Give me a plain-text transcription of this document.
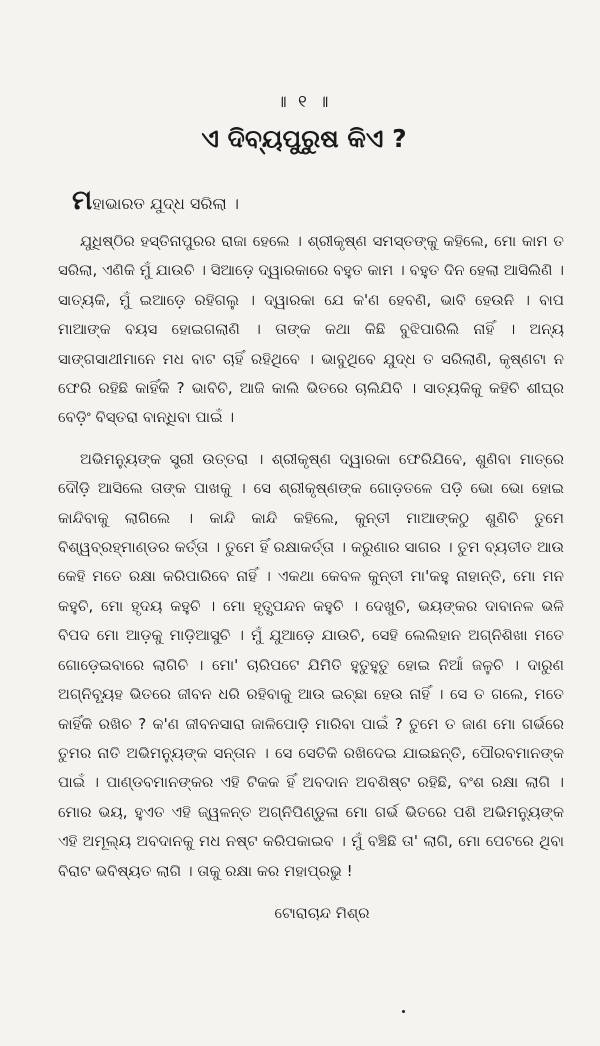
॥ ୧ ॥
ଏ ଦିବ୍ୟପୁରୁଷ କିଏ ?

ମହାଭାରତ ଯୁଦ୍ଧ ସରିଲା ।

ଯୁଧିଷ୍ଠିର ହସ୍ତିନାପୁରର ରାଜା ହେଲେ । ଶ୍ରୀକୃଷ୍ଣ ସମସ୍ତଙ୍କୁ କହିଲେ, ମୋ କାମ ତ ସରିଲା, ଏଣିକି ମୁଁ ଯାଉଚି । ସିଆଡ଼େ ଦ୍ୱାରକାରେ ବହୁତ କାମ । ବହୁତ ଦିନ ହେଲା ଆସିଲିଣି । ସାତ୍ୟକି, ମୁଁ ଇଆଡ଼େ ରହିଗଲୁ । ଦ୍ୱାରକା ଯେ କ'ଣ ହେବଣି, ଭାବି ହେଉନି । ବାପ ମାଆଙ୍କ ବୟସ ହୋଇଗଲାଣି । ତାଙ୍କ କଥା କିଛି ବୁଝିପାରିଲି ନାହିଁ । ଅନ୍ୟ ସାଙ୍ଗସାଥୀମାନେ ମଧ ବାଟ ଚାହିଁ ରହିଥିବେ । ଭାବୁଥିବେ ଯୁଦ୍ଧ ତ ସରିଲାଣି, କୃଷ୍ଣଟା ନ ଫେରି ରହିଛି କାହିଁକି ? ଭାବିଚି, ଆଜି କାଲି ଭିତରେ ଚାଲିଯିବି । ସାତ୍ୟକିକୁ କହିଚି ଶୀଘ୍ର ବେଡ଼ିଂ ବିସ୍ତରା ବାନ୍ଧିବା ପାଇଁ ।

ଅଭିମନ୍ୟୁଙ୍କ ସ୍ତ୍ରୀ ଉତ୍ତରା । ଶ୍ରୀକୃଷ୍ଣ ଦ୍ୱାରକା ଫେରିଯିବେ, ଶୁଣିବା ମାତ୍ରେ ଦୌଡ଼ି ଆସିଲେ ତାଙ୍କ ପାଖକୁ । ସେ ଶ୍ରୀକୃଷ୍ଣଙ୍କ ଗୋଡ଼ତଳେ ପଡ଼ି ଭୋ ଭୋ ହୋଇ କାନ୍ଦିବାକୁ ଲାଗିଲେ । କାନ୍ଦି କାନ୍ଦି କହିଲେ, କୁନ୍ତୀ ମାଆଙ୍କଠୁ ଶୁଣିଚି ତୁମେ ବିଶ୍ୱବ୍ରହ୍ମାଣ୍ଡର କର୍ତ୍ତା । ତୁମେ ହିଁ ରକ୍ଷାକର୍ତ୍ତା । କରୁଣାର ସାଗର । ତୁମ ବ୍ୟତୀତ ଆଉ କେହି ମତେ ରକ୍ଷା କରିପାରିବେ ନାହିଁ । ଏକଥା କେବଳ କୁନ୍ତୀ ମା'କହୁ ନାହାନ୍ତି, ମୋ ମନ କହୁଚି, ମୋ ହୃଦୟ କହୁଚି । ମୋ ହୃତ୍ସ୍ପନ୍ଦନ କହୁଚି । ଦେଖୁଚି, ଭୟଙ୍କର ଦାବାନଳ ଭଳି ବିପଦ ମୋ ଆଡ଼କୁ ମାଡ଼ିଆସୁଚି । ମୁଁ ଯୁଆଡ଼େ ଯାଉଚି, ସେହି ଲେଲିହାନ ଅଗ୍ନିଶିଖା ମତେ ଗୋଡ଼େଇବାରେ ଲାଗିଚି । ମୋ' ଚାରିପଟେ ଯିମିତି ହୁତୁହୁତୁ ହୋଇ ନିଆଁ ଜଳୁଚି । ଦାରୁଣ ଅଗ୍ନିବ୍ୟୂହ ଭିତରେ ଜୀବନ ଧରି ରହିବାକୁ ଆଉ ଇଚ୍ଛା ହେଉ ନାହିଁ । ସେ ତ ଗଲେ, ମତେ କାହିଁକି ରଖିଚ ? କ'ଣ ଜୀବନସାରା ଜାଳିପୋଡ଼ି ମାରିବା ପାଇଁ ? ତୁମେ ତ ଜାଣ ମୋ ଗର୍ଭରେ ତୁମର ନାତି ଅଭିମନ୍ୟୁଙ୍କ ସନ୍ତାନ । ସେ ସେତିକି ରଖିଦେଇ ଯାଇଛନ୍ତି, ପୌରବମାନଙ୍କ ପାଇଁ । ପାଣ୍ଡବମାନଙ୍କର ଏହି ଟିକକ ହିଁ ଅବଦାନ ଅବଶିଷ୍ଟ ରହିଛି, ବଂଶ ରକ୍ଷା ଲାଗି । ମୋର ଭୟ, ହୁଏତ ଏହି ଜ୍ୱଳନ୍ତ ଅଗ୍ନିପିଣ୍ଡୁଳା ମୋ ଗର୍ଭ ଭିତରେ ପଶି ଅଭିମନ୍ୟୁଙ୍କ ଏହି ଅମୂଲ୍ୟ ଅବଦାନକୁ ମଧ ନଷ୍ଟ କରିପକାଇବ । ମୁଁ ବଞ୍ଚିଛି ତା' ଲାଗି, ମୋ ପେଟରେ ଥିବା ବିରାଟ ଭବିଷ୍ୟତ ଲାଗି । ତାକୁ ରକ୍ଷା କର ମହାପ୍ରଭୁ !

ଟୋରାଚାନ୍ଦ ମିଶ୍ର
